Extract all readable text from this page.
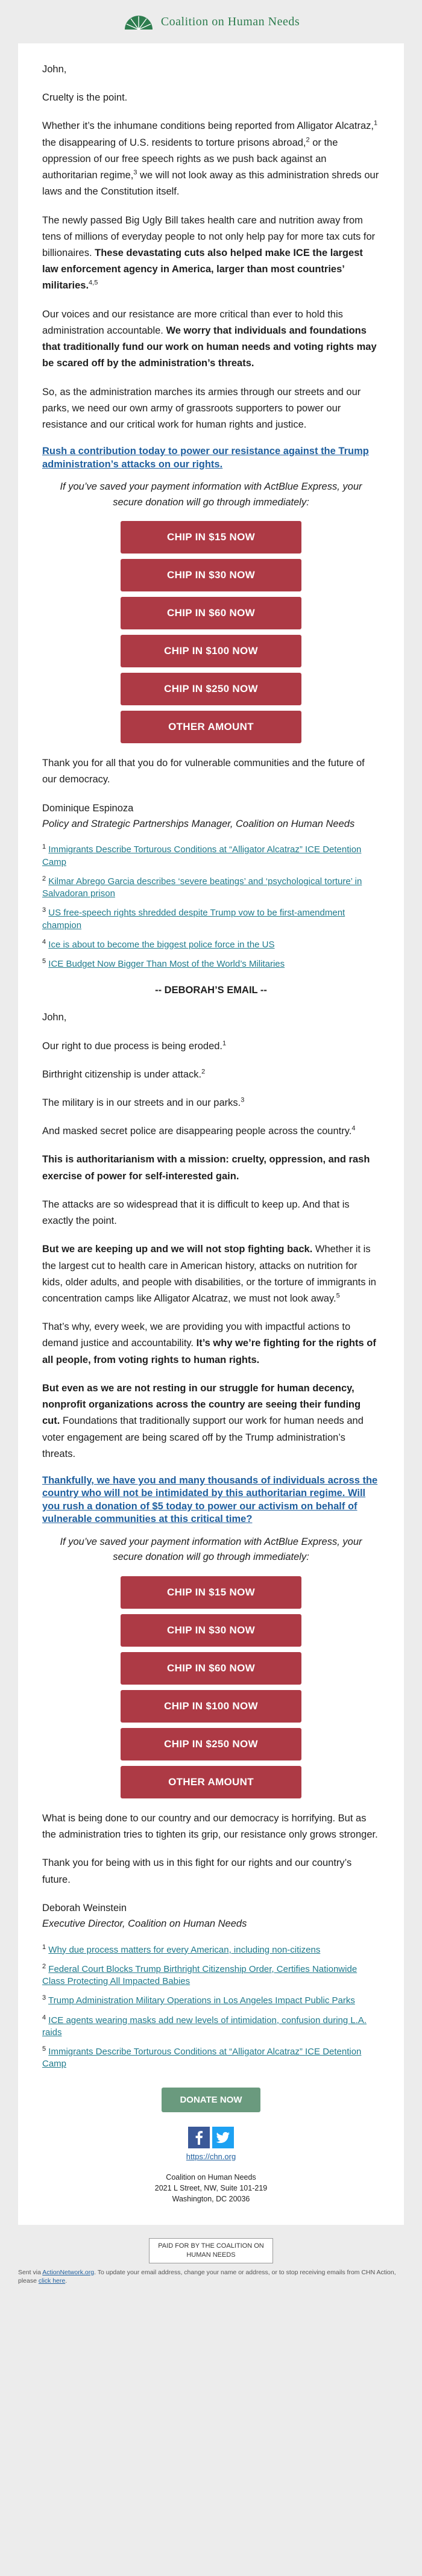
Coalition on Human Needs

John,

Cruelty is the point.

Whether it’s the inhumane conditions being reported from Alligator Alcatraz,$^1$ the disappearing of U.S. residents to torture prisons abroad,$^2$ or the oppression of our free speech rights as we push back against an authoritarian regime,$^3$ we will not look away as this administration shreds our laws and the Constitution itself.

The newly passed Big Ugly Bill takes health care and nutrition away from tens of millions of everyday people to not only help pay for more tax cuts for billionaires. These devastating cuts also helped make ICE the largest law enforcement agency in America, larger than most countries’ militaries.$^{4,5}$

Our voices and our resistance are more critical than ever to hold this administration accountable. We worry that individuals and foundations that traditionally fund our work on human needs and voting rights may be scared off by the administration’s threats.

So, as the administration marches its armies through our streets and our parks, we need our own army of grassroots supporters to power our resistance and our critical work for human rights and justice.

Rush a contribution today to power our resistance against the Trump administration’s attacks on our rights.

If you’ve saved your payment information with ActBlue Express, your secure donation will go through immediately:

CHIP IN $15 NOW
CHIP IN $30 NOW
CHIP IN $60 NOW
CHIP IN $100 NOW
CHIP IN $250 NOW
OTHER AMOUNT

Thank you for all that you do for vulnerable communities and the future of our democracy.

Dominique Espinoza

Policy and Strategic Partnerships Manager, Coalition on Human Needs

$^1$ Immigrants Describe Torturous Conditions at “Alligator Alcatraz” ICE Detention Camp

$^2$ Kilmar Abrego Garcia describes ‘severe beatings’ and ‘psychological torture’ in Salvadoran prison

$^3$ US free-speech rights shredded despite Trump vow to be first-amendment champion

$^4$ Ice is about to become the biggest police force in the US

$^5$ ICE Budget Now Bigger Than Most of the World’s Militaries

-- DEBORAH’S EMAIL --

John,

Our right to due process is being eroded.$^1$

Birthright citizenship is under attack.$^2$

The military is in our streets and in our parks.$^3$

And masked secret police are disappearing people across the country.$^4$

This is authoritarianism with a mission: cruelty, oppression, and rash exercise of power for self-interested gain.

The attacks are so widespread that it is difficult to keep up. And that is exactly the point.

But we are keeping up and we will not stop fighting back. Whether it is the largest cut to health care in American history, attacks on nutrition for kids, older adults, and people with disabilities, or the torture of immigrants in concentration camps like Alligator Alcatraz, we must not look away.$^5$

That’s why, every week, we are providing you with impactful actions to demand justice and accountability. It’s why we’re fighting for the rights of all people, from voting rights to human rights.

But even as we are not resting in our struggle for human decency, nonprofit organizations across the country are seeing their funding cut. Foundations that traditionally support our work for human needs and voter engagement are being scared off by the Trump administration’s threats.

Thankfully, we have you and many thousands of individuals across the country who will not be intimidated by this authoritarian regime. Will you rush a donation of $5 today to power our activism on behalf of vulnerable communities at this critical time?

If you’ve saved your payment information with ActBlue Express, your secure donation will go through immediately:

CHIP IN $15 NOW
CHIP IN $30 NOW
CHIP IN $60 NOW
CHIP IN $100 NOW
CHIP IN $250 NOW
OTHER AMOUNT

What is being done to our country and our democracy is horrifying. But as the administration tries to tighten its grip, our resistance only grows stronger.

Thank you for being with us in this fight for our rights and our country’s future.

Deborah Weinstein

Executive Director, Coalition on Human Needs

$^1$ Why due process matters for every American, including non-citizens

$^2$ Federal Court Blocks Trump Birthright Citizenship Order, Certifies Nationwide Class Protecting All Impacted Babies

$^3$ Trump Administration Military Operations in Los Angeles Impact Public Parks

$^4$ ICE agents wearing masks add new levels of intimidation, confusion during L.A. raids

$^5$ Immigrants Describe Torturous Conditions at “Alligator Alcatraz” ICE Detention Camp

DONATE NOW
https://chn.org

Coalition on Human Needs

2021 L Street, NW, Suite 101-219

Washington, DC 20036

PAID FOR BY THE COALITION ON
HUMAN NEEDS
Sent via ActionNetwork.org. To update your email address, change your name or address, or to stop receiving emails from CHN Action, please click here.
